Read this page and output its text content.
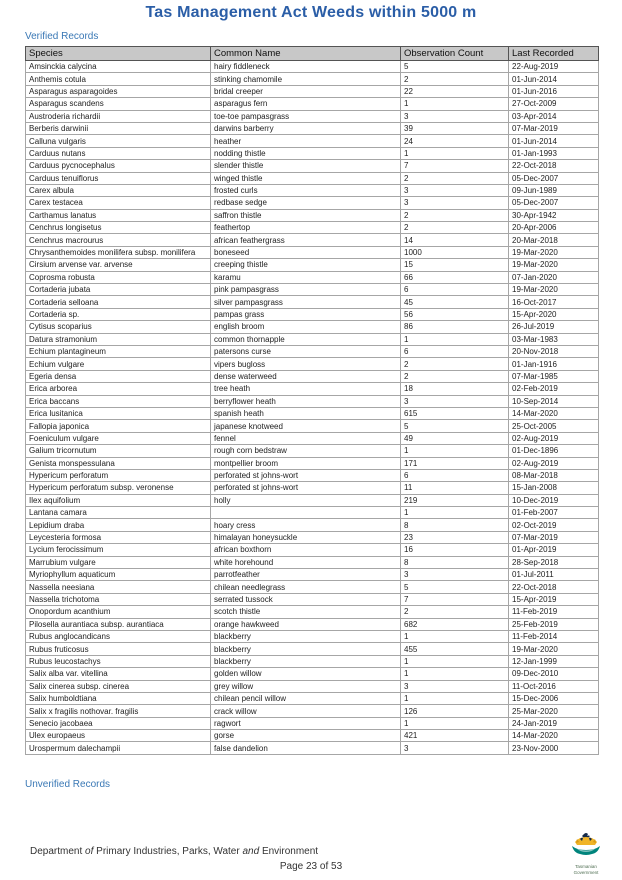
Tas Management Act Weeds within 5000 m
Verified Records
Species	Common Name	Observation Count	Last Recorded
Amsinckia calycina	hairy fiddleneck	5	22-Aug-2019
Anthemis cotula	stinking chamomile	2	01-Jun-2014
Asparagus asparagoides	bridal creeper	22	01-Jun-2016
Asparagus scandens	asparagus fern	1	27-Oct-2009
Austroderia richardii	toe-toe pampasgrass	3	03-Apr-2014
Berberis darwinii	darwins barberry	39	07-Mar-2019
Calluna vulgaris	heather	24	01-Jun-2014
Carduus nutans	nodding thistle	1	01-Jan-1993
Carduus pycnocephalus	slender thistle	7	22-Oct-2018
Carduus tenuiflorus	winged thistle	2	05-Dec-2007
Carex albula	frosted curls	3	09-Jun-1989
Carex testacea	redbase sedge	3	05-Dec-2007
Carthamus lanatus	saffron thistle	2	30-Apr-1942
Cenchrus longisetus	feathertop	2	20-Apr-2006
Cenchrus macrourus	african feathergrass	14	20-Mar-2018
Chrysanthemoides monilifera subsp. monilifera	boneseed	1000	19-Mar-2020
Cirsium arvense var. arvense	creeping thistle	15	19-Mar-2020
Coprosma robusta	karamu	66	07-Jan-2020
Cortaderia jubata	pink pampasgrass	6	19-Mar-2020
Cortaderia selloana	silver pampasgrass	45	16-Oct-2017
Cortaderia sp.	pampas grass	56	15-Apr-2020
Cytisus scoparius	english broom	86	26-Jul-2019
Datura stramonium	common thornapple	1	03-Mar-1983
Echium plantagineum	patersons curse	6	20-Nov-2018
Echium vulgare	vipers bugloss	2	01-Jan-1916
Egeria densa	dense waterweed	2	07-Mar-1985
Erica arborea	tree heath	18	02-Feb-2019
Erica baccans	berryflower heath	3	10-Sep-2014
Erica lusitanica	spanish heath	615	14-Mar-2020
Fallopia japonica	japanese knotweed	5	25-Oct-2005
Foeniculum vulgare	fennel	49	02-Aug-2019
Galium tricornutum	rough corn bedstraw	1	01-Dec-1896
Genista monspessulana	montpellier broom	171	02-Aug-2019
Hypericum perforatum	perforated st johns-wort	6	08-Mar-2018
Hypericum perforatum subsp. veronense	perforated st johns-wort	11	15-Jan-2008
Ilex aquifolium	holly	219	10-Dec-2019
Lantana camara		1	01-Feb-2007
Lepidium draba	hoary cress	8	02-Oct-2019
Leycesteria formosa	himalayan honeysuckle	23	07-Mar-2019
Lycium ferocissimum	african boxthorn	16	01-Apr-2019
Marrubium vulgare	white horehound	8	28-Sep-2018
Myriophyllum aquaticum	parrotfeather	3	01-Jul-2011
Nassella neesiana	chilean needlegrass	5	22-Oct-2018
Nassella trichotoma	serrated tussock	7	15-Apr-2019
Onopordum acanthium	scotch thistle	2	11-Feb-2019
Pilosella aurantiaca subsp. aurantiaca	orange hawkweed	682	25-Feb-2019
Rubus anglocandicans	blackberry	1	11-Feb-2014
Rubus fruticosus	blackberry	455	19-Mar-2020
Rubus leucostachys	blackberry	1	12-Jan-1999
Salix alba var. vitellina	golden willow	1	09-Dec-2010
Salix cinerea subsp. cinerea	grey willow	3	11-Oct-2016
Salix humboldtiana	chilean pencil willow	1	15-Dec-2006
Salix x fragilis nothovar. fragilis	crack willow	126	25-Mar-2020
Senecio jacobaea	ragwort	1	24-Jan-2019
Ulex europaeus	gorse	421	14-Mar-2020
Urospermum dalechampii	false dandelion	3	23-Nov-2000
Unverified Records
Department of Primary Industries, Parks, Water and Environment
Page 23 of 53	Tasmanian
Government
